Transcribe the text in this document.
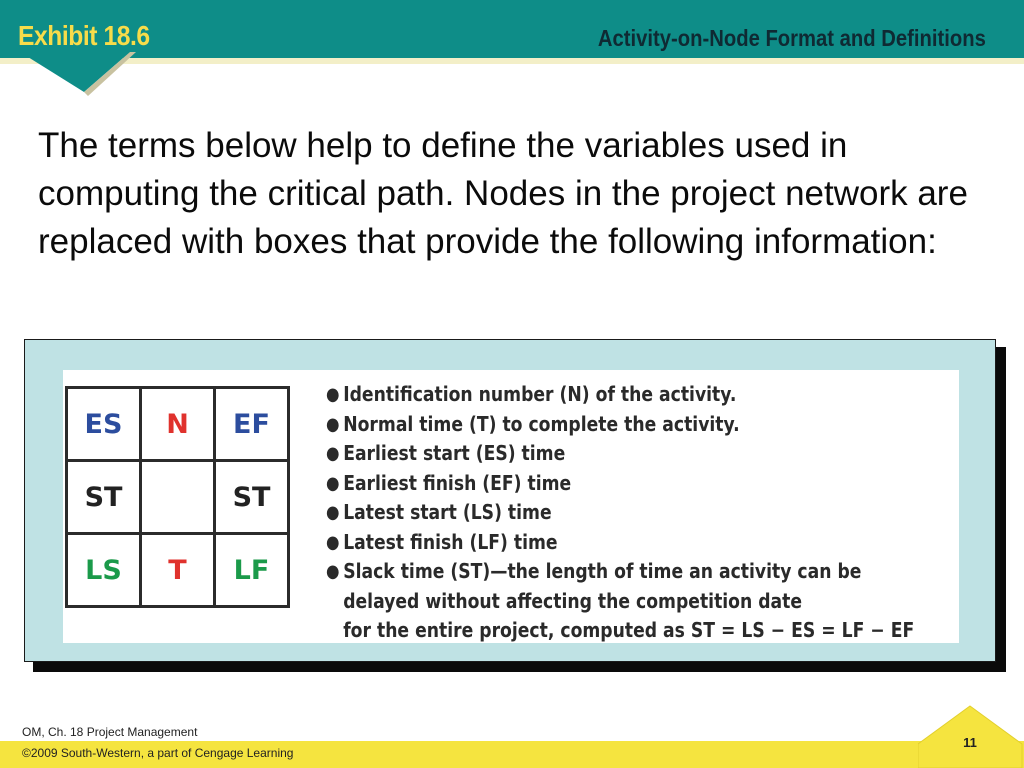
Exhibit 18.6	Activity-on-Node Format and Definitions

The terms below help to define the variables used in computing the critical path. Nodes in the project network are replaced with boxes that provide the following information:

ES	N	EF
ST		ST
LS	T	LF
● Identification number (N) of the activity.
● Normal time (T) to complete the activity.
● Earliest start (ES) time
● Earliest finish (EF) time
● Latest start (LS) time
● Latest finish (LF) time
● Slack time (ST)—the length of time an activity can be
delayed without affecting the competition date
for the entire project, computed as ST = LS − ES = LF − EF
OM, Ch. 18 Project Management
©2009 South-Western, a part of Cengage Learning
11
